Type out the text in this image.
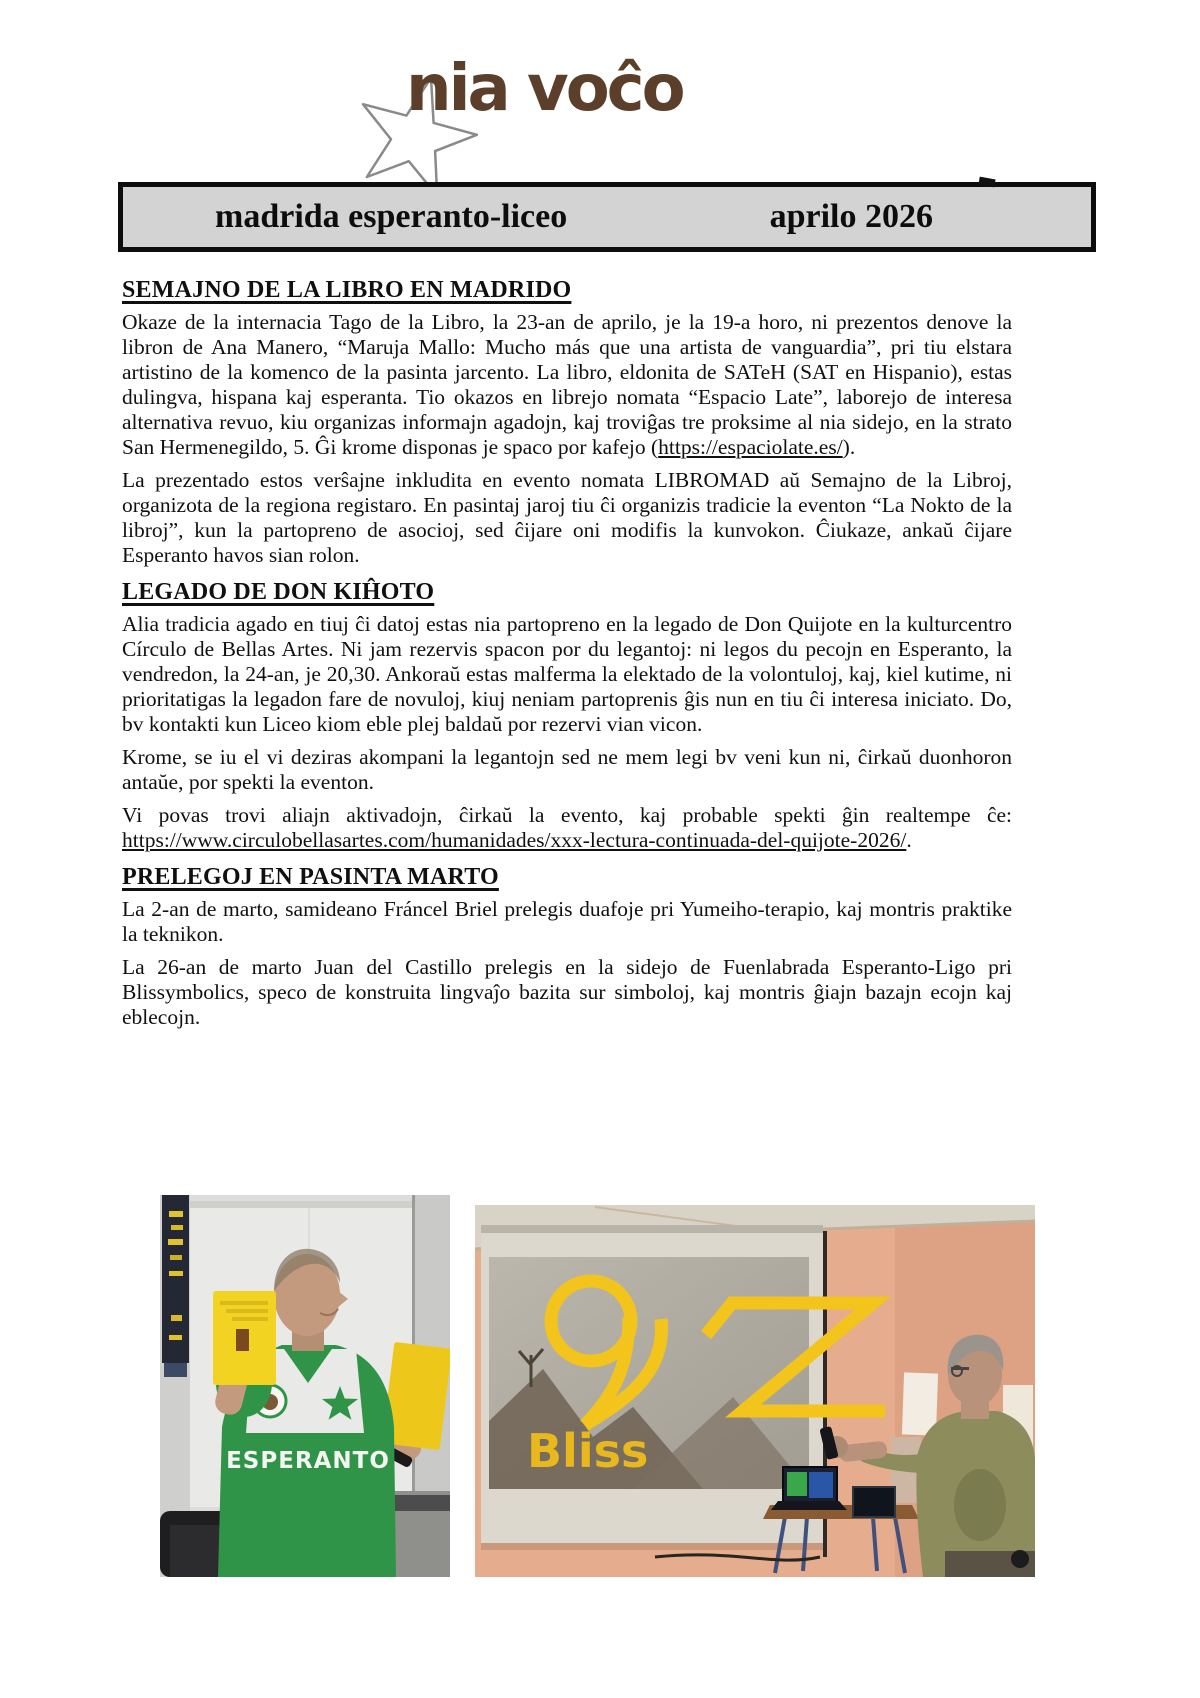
nia voĉo
madrida esperanto-liceo	aprilo 2026
SEMAJNO DE LA LIBRO EN MADRIDO

Okaze de la internacia Tago de la Libro, la 23-an de aprilo, je la 19-a horo, ni prezentos denove la libron de Ana Manero, “Maruja Mallo: Mucho más que una artista de vanguardia”, pri tiu elstara artistino de la komenco de la pasinta jarcento. La libro, eldonita de SATeH (SAT en Hispanio), estas dulingva, hispana kaj esperanta. Tio okazos en librejo nomata “Espacio Late”, laborejo de interesa alternativa revuo, kiu organizas informajn agadojn, kaj troviĝas tre proksime al nia sidejo, en la strato San Hermenegildo, 5. Ĝi krome disponas je spaco por kafejo (https://espaciolate.es/).

La prezentado estos verŝajne inkludita en evento nomata LIBROMAD aŭ Semajno de la Libroj, organizota de la regiona registaro. En pasintaj jaroj tiu ĉi organizis tradicie la eventon “La Nokto de la libroj”, kun la partopreno de asocioj, sed ĉijare oni modifis la kunvokon. Ĉiukaze, ankaŭ ĉijare Esperanto havos sian rolon.

LEGADO DE DON KIĤOTO

Alia tradicia agado en tiuj ĉi datoj estas nia partopreno en la legado de Don Quijote en la kulturcentro Círculo de Bellas Artes. Ni jam rezervis spacon por du legantoj: ni legos du pecojn en Esperanto, la vendredon, la 24-an, je 20,30. Ankoraŭ estas malferma la elektado de la volontuloj, kaj, kiel kutime, ni prioritatigas la legadon fare de novuloj, kiuj neniam partoprenis ĝis nun en tiu ĉi interesa iniciato. Do, bv kontakti kun Liceo kiom eble plej baldaŭ por rezervi vian vicon.

Krome, se iu el vi deziras akompani la legantojn sed ne mem legi bv veni kun ni, ĉirkaŭ duonhoron antaŭe, por spekti la eventon.

Vi povas trovi aliajn aktivadojn, ĉirkaŭ la evento, kaj probable spekti ĝin realtempe ĉe: https://www.circulobellasartes.com/humanidades/xxx-lectura-continuada-del-quijote-2026/.

PRELEGOJ EN PASINTA MARTO

La 2-an de marto, samideano Fráncel Briel prelegis duafoje pri Yumeiho-terapio, kaj montris praktike la teknikon.

La 26-an de marto Juan del Castillo prelegis en la sidejo de Fuenlabrada Esperanto-Ligo pri Blissymbolics, speco de konstruita lingvaĵo bazita sur simboloj, kaj montris ĝiajn bazajn ecojn kaj eblecojn.

ESPERANTO	Bliss
